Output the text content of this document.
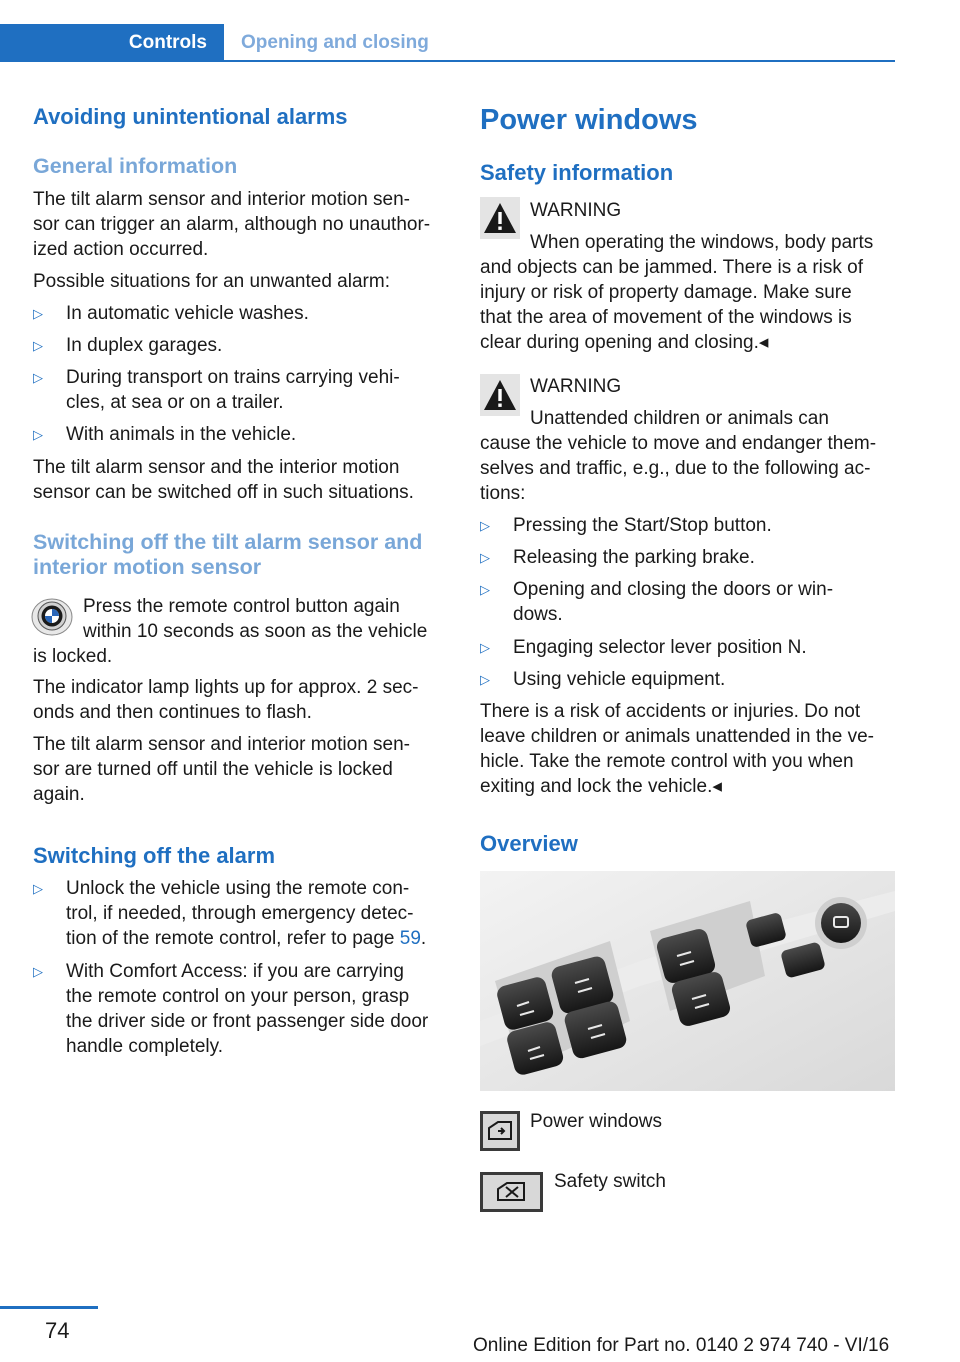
Controls	Opening and closing
Avoiding unintentional alarms
General information
The tilt alarm sensor and interior motion sen-
sor can trigger an alarm, although no unauthor-
ized action occurred.
Possible situations for an unwanted alarm:
▷ In automatic vehicle washes.
▷ In duplex garages.
▷ During transport on trains carrying vehi-
cles, at sea or on a trailer.
▷ With animals in the vehicle.
The tilt alarm sensor and the interior motion
sensor can be switched off in such situations.
Switching off the tilt alarm sensor and
interior motion sensor
Press the remote control button again
within 10 seconds as soon as the vehicle
is locked.
The indicator lamp lights up for approx. 2 sec-
onds and then continues to flash.
The tilt alarm sensor and interior motion sen-
sor are turned off until the vehicle is locked
again.
Switching off the alarm
▷ Unlock the vehicle using the remote con-
trol, if needed, through emergency detec-
tion of the remote control, refer to page 59.
▷ With Comfort Access: if you are carrying
the remote control on your person, grasp
the driver side or front passenger side door
handle completely.
Power windows
Safety information
WARNING
When operating the windows, body parts
and objects can be jammed. There is a risk of
injury or risk of property damage. Make sure
that the area of movement of the windows is
clear during opening and closing.◂
WARNING
Unattended children or animals can
cause the vehicle to move and endanger them-
selves and traffic, e.g., due to the following ac-
tions:
▷ Pressing the Start/Stop button.
▷ Releasing the parking brake.
▷ Opening and closing the doors or win-
dows.
▷ Engaging selector lever position N.
▷ Using vehicle equipment.
There is a risk of accidents or injuries. Do not
leave children or animals unattended in the ve-
hicle. Take the remote control with you when
exiting and lock the vehicle.◂
Overview
Power windows
Safety switch
74
Online Edition for Part no. 0140 2 974 740 - VI/16
